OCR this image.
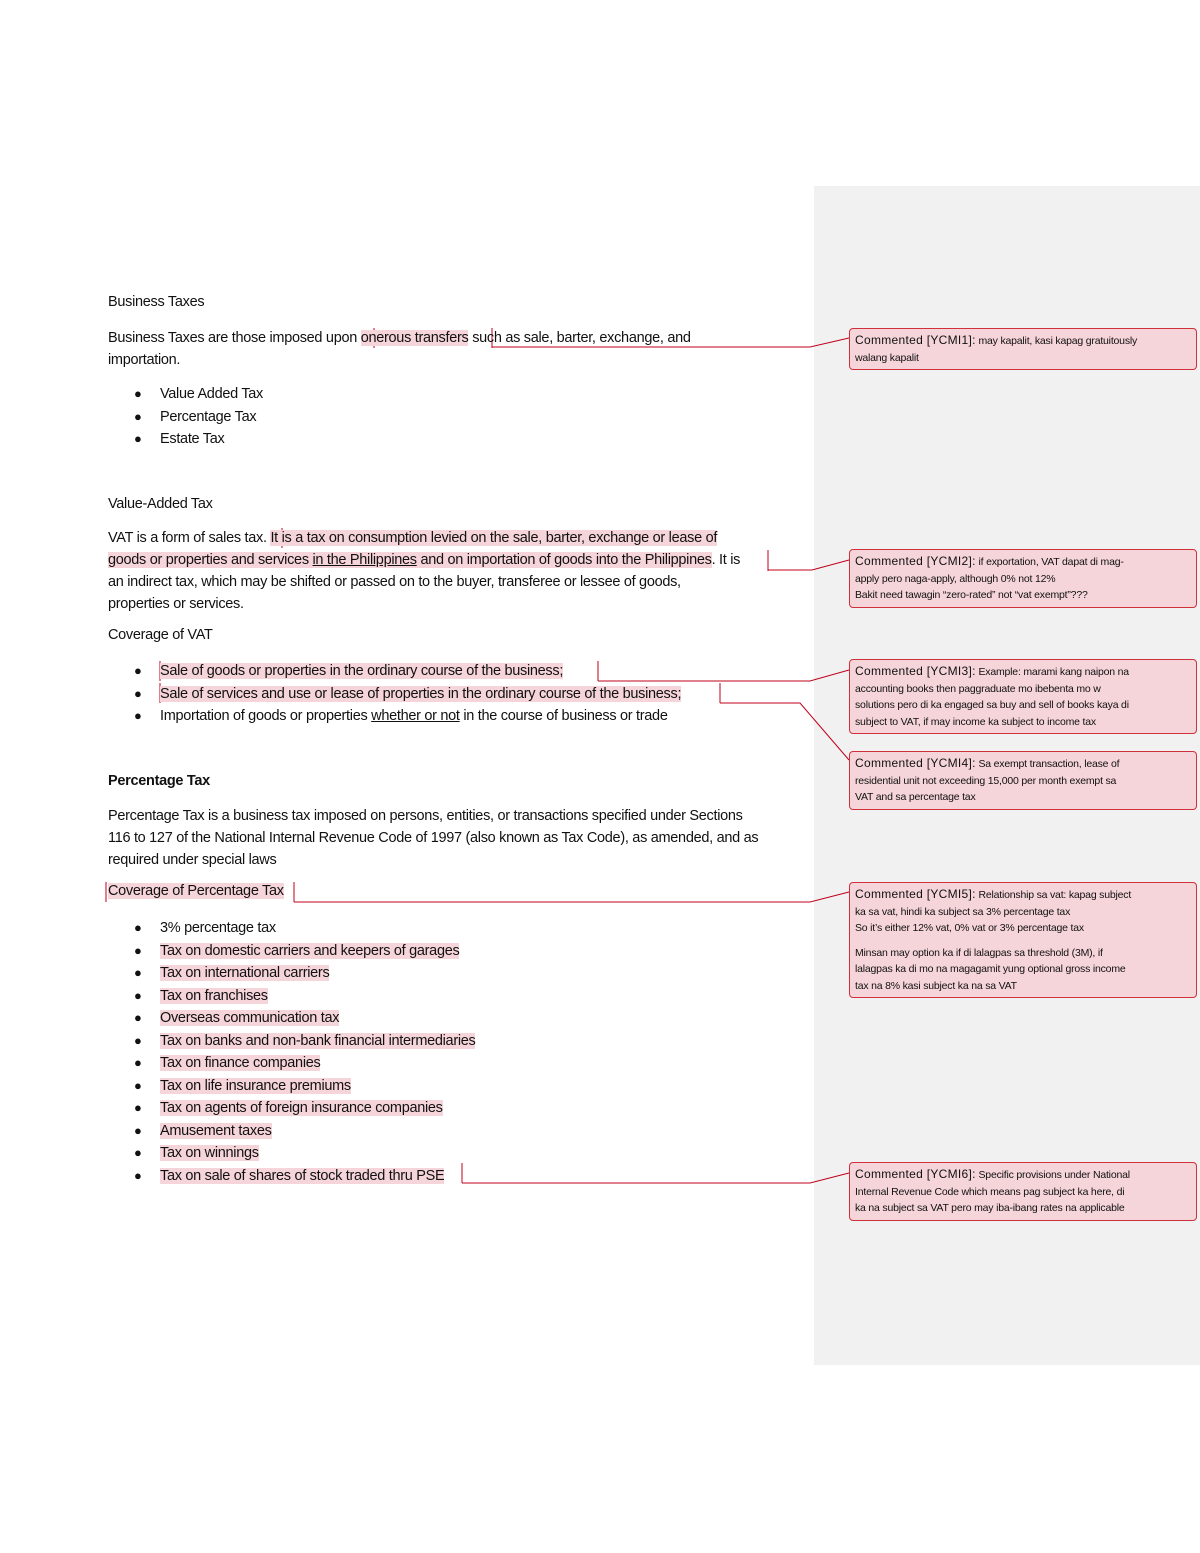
Business Taxes
Business Taxes are those imposed upon onerous transfers such as sale, barter, exchange, and
importation.
● Value Added Tax
● Percentage Tax
● Estate Tax
Value-Added Tax
VAT is a form of sales tax. It is a tax on consumption levied on the sale, barter, exchange or lease of
goods or properties and services in the Philippines and on importation of goods into the Philippines. It is
an indirect tax, which may be shifted or passed on to the buyer, transferee or lessee of goods,
properties or services.
Coverage of VAT
● Sale of goods or properties in the ordinary course of the business;
● Sale of services and use or lease of properties in the ordinary course of the business;
● Importation of goods or properties whether or not in the course of business or trade
Percentage Tax
Percentage Tax is a business tax imposed on persons, entities, or transactions specified under Sections
116 to 127 of the National Internal Revenue Code of 1997 (also known as Tax Code), as amended, and as
required under special laws
Coverage of Percentage Tax
● 3% percentage tax
● Tax on domestic carriers and keepers of garages
● Tax on international carriers
● Tax on franchises
● Overseas communication tax
● Tax on banks and non-bank financial intermediaries
● Tax on finance companies
● Tax on life insurance premiums
● Tax on agents of foreign insurance companies
● Amusement taxes
● Tax on winnings
● Tax on sale of shares of stock traded thru PSE
Commented [YCMI1]: may kapalit, kasi kapag gratuitously
walang kapalit
Commented [YCMI2]: if exportation, VAT dapat di mag-
apply pero naga-apply, although 0% not 12%
Bakit need tawagin “zero-rated” not “vat exempt”???
Commented [YCMI3]: Example: marami kang naipon na
accounting books then paggraduate mo ibebenta mo w
solutions pero di ka engaged sa buy and sell of books kaya di
subject to VAT, if may income ka subject to income tax
Commented [YCMI4]: Sa exempt transaction, lease of
residential unit not exceeding 15,000 per month exempt sa
VAT and sa percentage tax
Commented [YCMI5]: Relationship sa vat: kapag subject
ka sa vat, hindi ka subject sa 3% percentage tax
So it’s either 12% vat, 0% vat or 3% percentage tax
Minsan may option ka if di lalagpas sa threshold (3M), if
lalagpas ka di mo na magagamit yung optional gross income
tax na 8% kasi subject ka na sa VAT
Commented [YCMI6]: Specific provisions under National
Internal Revenue Code which means pag subject ka here, di
ka na subject sa VAT pero may iba-ibang rates na applicable
